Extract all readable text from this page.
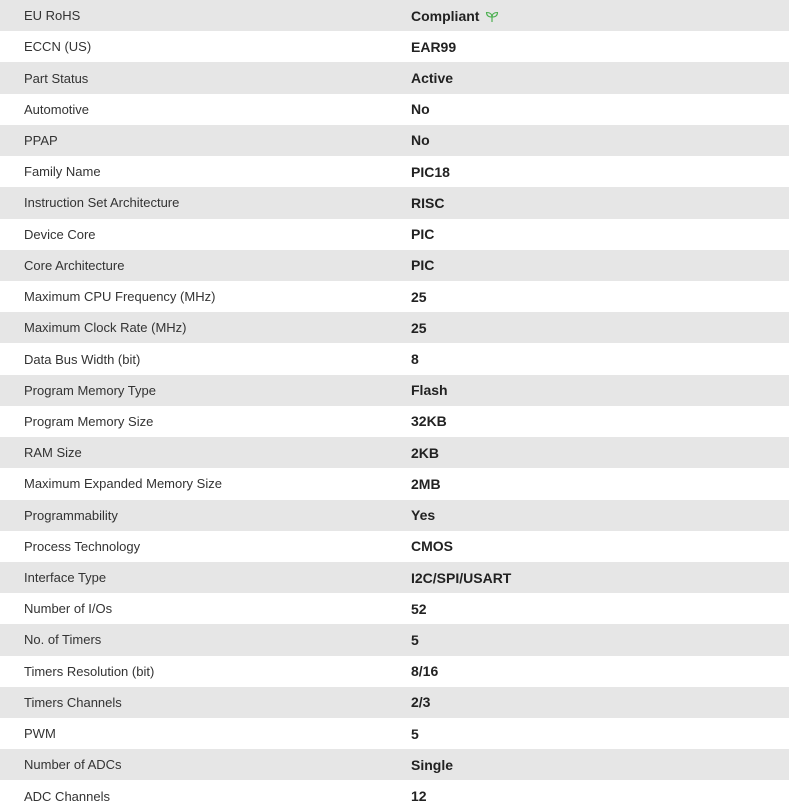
EU RoHS	Compliant
ECCN (US)	EAR99
Part Status	Active
Automotive	No
PPAP	No
Family Name	PIC18
Instruction Set Architecture	RISC
Device Core	PIC
Core Architecture	PIC
Maximum CPU Frequency (MHz)	25
Maximum Clock Rate (MHz)	25
Data Bus Width (bit)	8
Program Memory Type	Flash
Program Memory Size	32KB
RAM Size	2KB
Maximum Expanded Memory Size	2MB
Programmability	Yes
Process Technology	CMOS
Interface Type	I2C/SPI/USART
Number of I/Os	52
No. of Timers	5
Timers Resolution (bit)	8/16
Timers Channels	2/3
PWM	5
Number of ADCs	Single
ADC Channels	12
